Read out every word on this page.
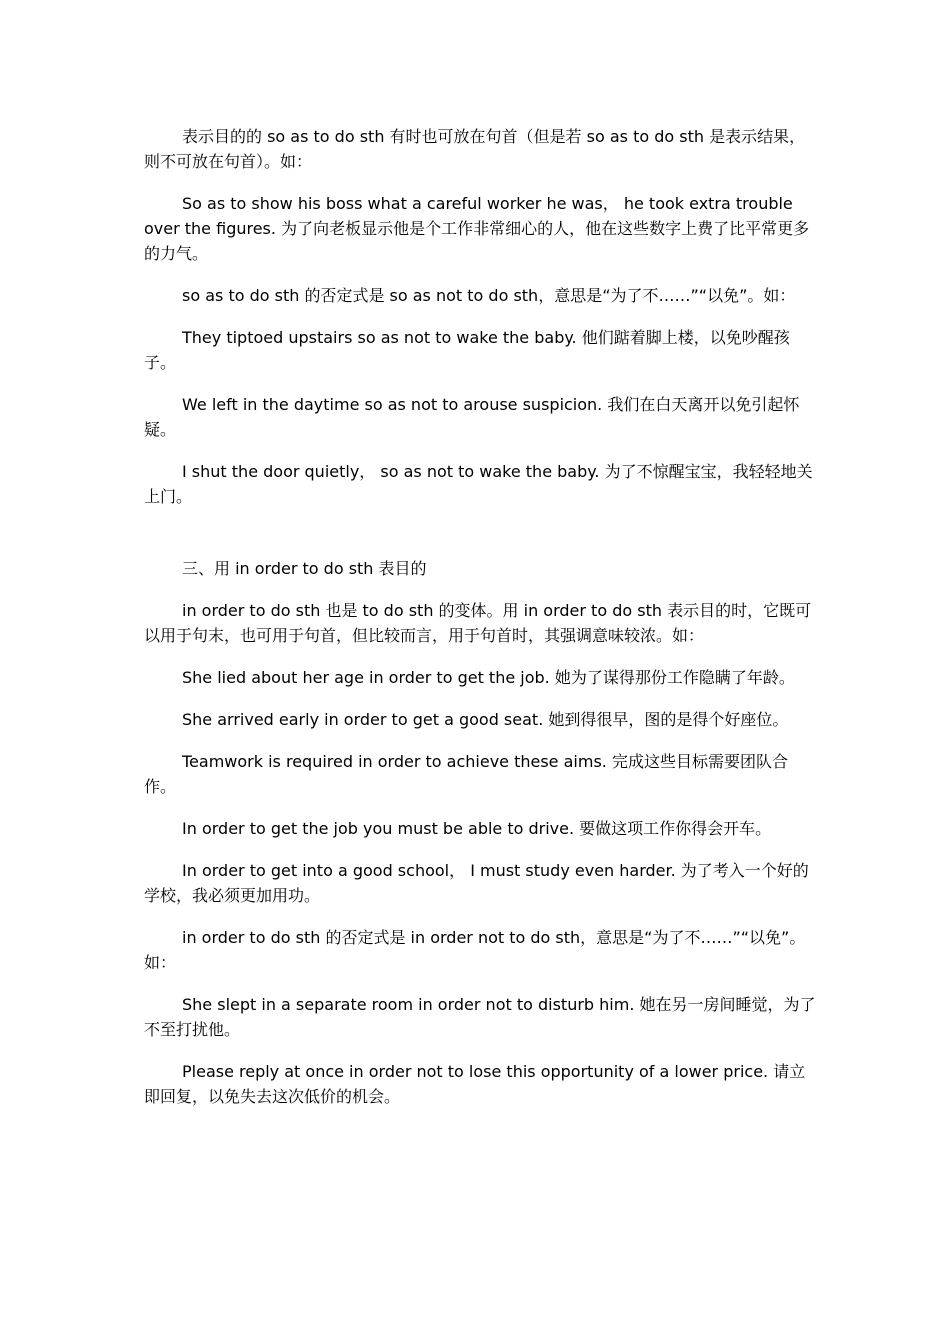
表示目的的 so as to do sth 有时也可放在句首（但是若 so as to do sth 是表示结果，则不可放在句首）。如：

So as to show his boss what a careful worker he was， he took extra trouble over the figures. 为了向老板显示他是个工作非常细心的人，他在这些数字上费了比平常更多的力气。

so as to do sth 的否定式是 so as not to do sth，意思是“为了不……”“以免”。如：

They tiptoed upstairs so as not to wake the baby. 他们踮着脚上楼，以免吵醒孩子。

We left in the daytime so as not to arouse suspicion. 我们在白天离开以免引起怀疑。

I shut the door quietly， so as not to wake the baby. 为了不惊醒宝宝，我轻轻地关上门。

三、用 in order to do sth 表目的

in order to do sth 也是 to do sth 的变体。用 in order to do sth 表示目的时，它既可以用于句末，也可用于句首，但比较而言，用于句首时，其强调意味较浓。如：

She lied about her age in order to get the job. 她为了谋得那份工作隐瞒了年龄。

She arrived early in order to get a good seat. 她到得很早，图的是得个好座位。

Teamwork is required in order to achieve these aims. 完成这些目标需要团队合作。

In order to get the job you must be able to drive. 要做这项工作你得会开车。

In order to get into a good school， I must study even harder. 为了考入一个好的学校，我必须更加用功。

in order to do sth 的否定式是 in order not to do sth，意思是“为了不……”“以免”。如：

She slept in a separate room in order not to disturb him. 她在另一房间睡觉，为了不至打扰他。

Please reply at once in order not to lose this opportunity of a lower price. 请立即回复，以免失去这次低价的机会。
